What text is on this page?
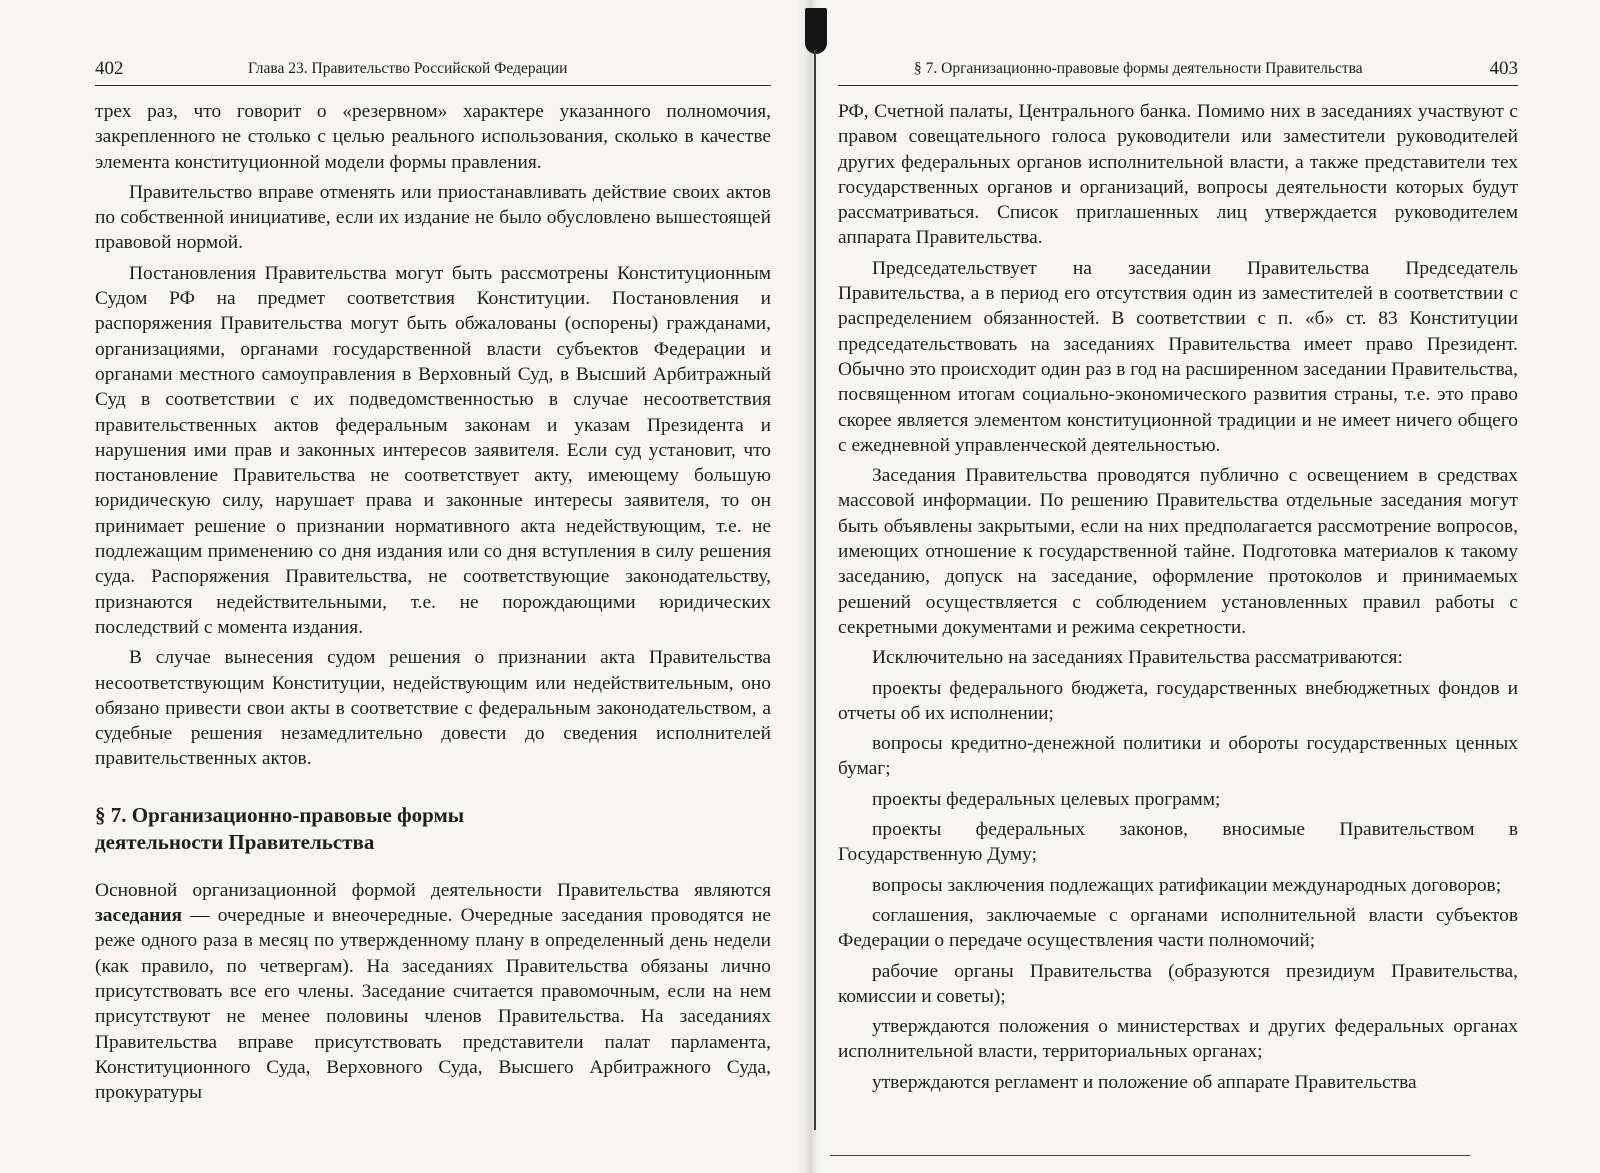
402	Глава 23. Правительство Российской Федерации

трех раз, что говорит о «резервном» характере указанного полномочия, закрепленного не столько с целью реального использования, сколько в качестве элемента конституционной модели формы правления.

Правительство вправе отменять или приостанавливать действие своих актов по собственной инициативе, если их издание не было обусловлено вышестоящей правовой нормой.

Постановления Правительства могут быть рассмотрены Конституционным Судом РФ на предмет соответствия Конституции. Постановления и распоряжения Правительства могут быть обжалованы (оспорены) гражданами, организациями, органами государственной власти субъектов Федерации и органами местного самоуправления в Верховный Суд, в Высший Арбитражный Суд в соответствии с их подведомственностью в случае несоответствия правительственных актов федеральным законам и указам Президента и нарушения ими прав и законных интересов заявителя. Если суд установит, что постановление Правительства не соответствует акту, имеющему большую юридическую силу, нарушает права и законные интересы заявителя, то он принимает решение о признании нормативного акта недействующим, т.е. не подлежащим применению со дня издания или со дня вступления в силу решения суда. Распоряжения Правительства, не соответствующие законодательству, признаются недействительными, т.е. не порождающими юридических последствий с момента издания.

В случае вынесения судом решения о признании акта Правительства несоответствующим Конституции, недействующим или недействительным, оно обязано привести свои акты в соответствие с федеральным законодательством, а судебные решения незамедлительно довести до сведения исполнителей правительственных актов.

§ 7. Организационно-правовые формы
деятельности Правительства

Основной организационной формой деятельности Правительства являются заседания — очередные и внеочередные. Очередные заседания проводятся не реже одного раза в месяц по утвержденному плану в определенный день недели (как правило, по четвергам). На заседаниях Правительства обязаны лично присутствовать все его члены. Заседание считается правомочным, если на нем присутствуют не менее половины членов Правительства. На заседаниях Правительства вправе присутствовать представители палат парламента, Конституционного Суда, Верховного Суда, Высшего Арбитражного Суда, прокуратуры

§ 7. Организационно-правовые формы деятельности Правительства	403

РФ, Счетной палаты, Центрального банка. Помимо них в заседаниях участвуют с правом совещательного голоса руководители или заместители руководителей других федеральных органов исполнительной власти, а также представители тех государственных органов и организаций, вопросы деятельности которых будут рассматриваться. Список приглашенных лиц утверждается руководителем аппарата Правительства.

Председательствует на заседании Правительства Председатель Правительства, а в период его отсутствия один из заместителей в соответствии с распределением обязанностей. В соответствии с п. «б» ст. 83 Конституции председательствовать на заседаниях Правительства имеет право Президент. Обычно это происходит один раз в год на расширенном заседании Правительства, посвященном итогам социально-экономического развития страны, т.е. это право скорее является элементом конституционной традиции и не имеет ничего общего с ежедневной управленческой деятельностью.

Заседания Правительства проводятся публично с освещением в средствах массовой информации. По решению Правительства отдельные заседания могут быть объявлены закрытыми, если на них предполагается рассмотрение вопросов, имеющих отношение к государственной тайне. Подготовка материалов к такому заседанию, допуск на заседание, оформление протоколов и принимаемых решений осуществляется с соблюдением установленных правил работы с секретными документами и режима секретности.

Исключительно на заседаниях Правительства рассматриваются:

проекты федерального бюджета, государственных внебюджетных фондов и отчеты об их исполнении;

вопросы кредитно-денежной политики и обороты государственных ценных бумаг;

проекты федеральных целевых программ;

проекты федеральных законов, вносимые Правительством в Государственную Думу;

вопросы заключения подлежащих ратификации международных договоров;

соглашения, заключаемые с органами исполнительной власти субъектов Федерации о передаче осуществления части полномочий;

рабочие органы Правительства (образуются президиум Правительства, комиссии и советы);

утверждаются положения о министерствах и других федеральных органах исполнительной власти, территориальных органах;

утверждаются регламент и положение об аппарате Правительства
